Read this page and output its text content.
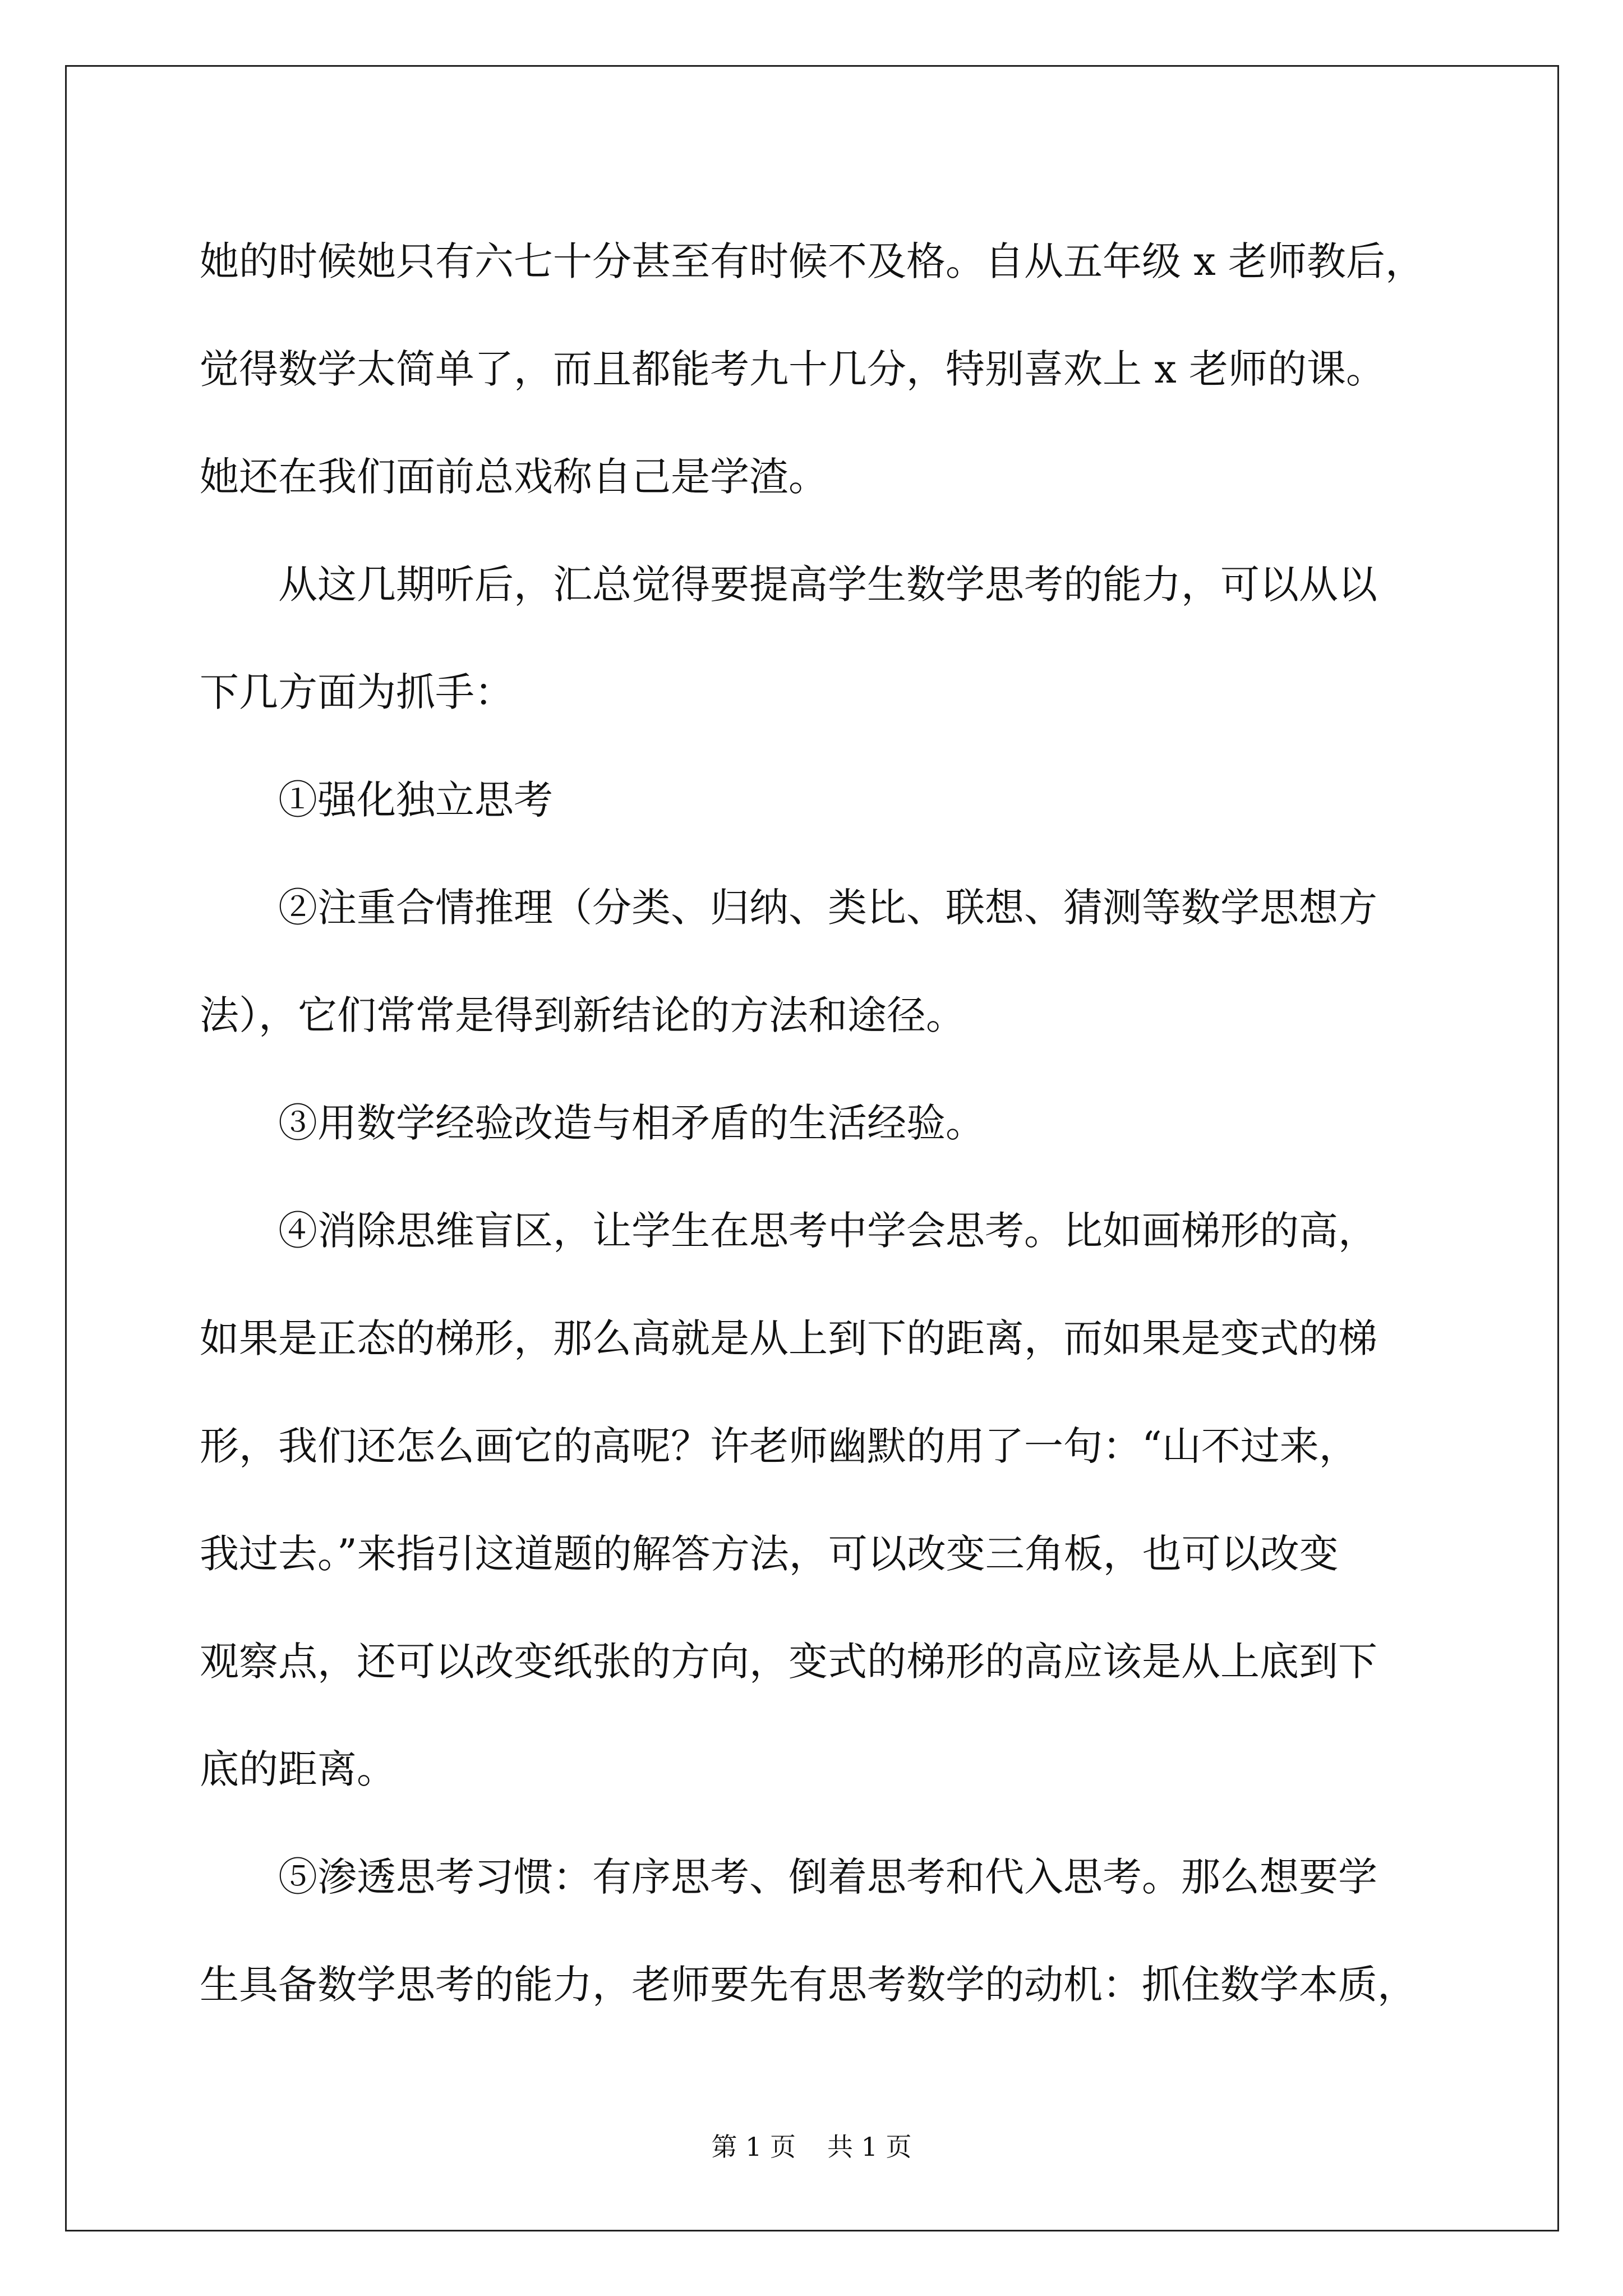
她的时候她只有六七十分甚至有时候不及格。自从五年级 x 老师教后，
觉得数学太简单了，而且都能考九十几分，特别喜欢上 x 老师的课。
她还在我们面前总戏称自己是学渣。
从这几期听后，汇总觉得要提高学生数学思考的能力，可以从以
下几方面为抓手：
①强化独立思考
②注重合情推理（分类、归纳、类比、联想、猜测等数学思想方
法），它们常常是得到新结论的方法和途径。
③用数学经验改造与相矛盾的生活经验。
④消除思维盲区，让学生在思考中学会思考。比如画梯形的高，
如果是正态的梯形，那么高就是从上到下的距离，而如果是变式的梯
形，我们还怎么画它的高呢？许老师幽默的用了一句：“山不过来，
我过去。”来指引这道题的解答方法，可以改变三角板，也可以改变
观察点，还可以改变纸张的方向，变式的梯形的高应该是从上底到下
底的距离。
⑤渗透思考习惯：有序思考、倒着思考和代入思考。那么想要学
生具备数学思考的能力，老师要先有思考数学的动机：抓住数学本质，
第 1 页 共 1 页
